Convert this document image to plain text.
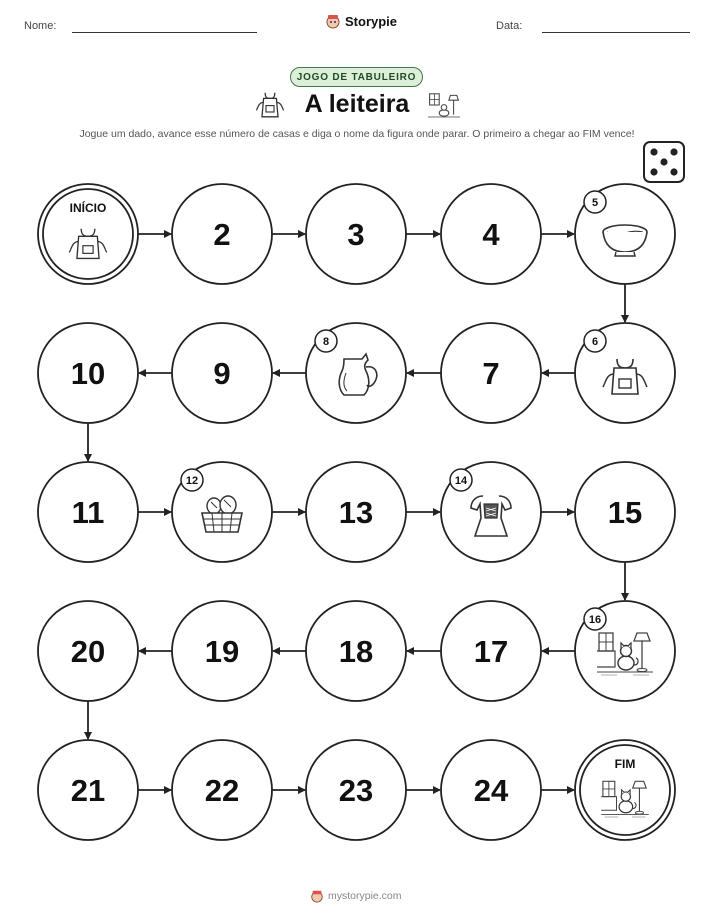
Nome:	Storypie	Data:
JOGO DE TABULEIRO
A leiteira
Jogue um dado, avance esse número de casas e diga o nome da figura onde parar. O primeiro a chegar ao FIM vence!
INÍCIO
2	3	4
5
6
7
8
9
10
11
12
13
14
15
16
17
18
19
20
21	22	23	24
FIM
mystorypie.com
